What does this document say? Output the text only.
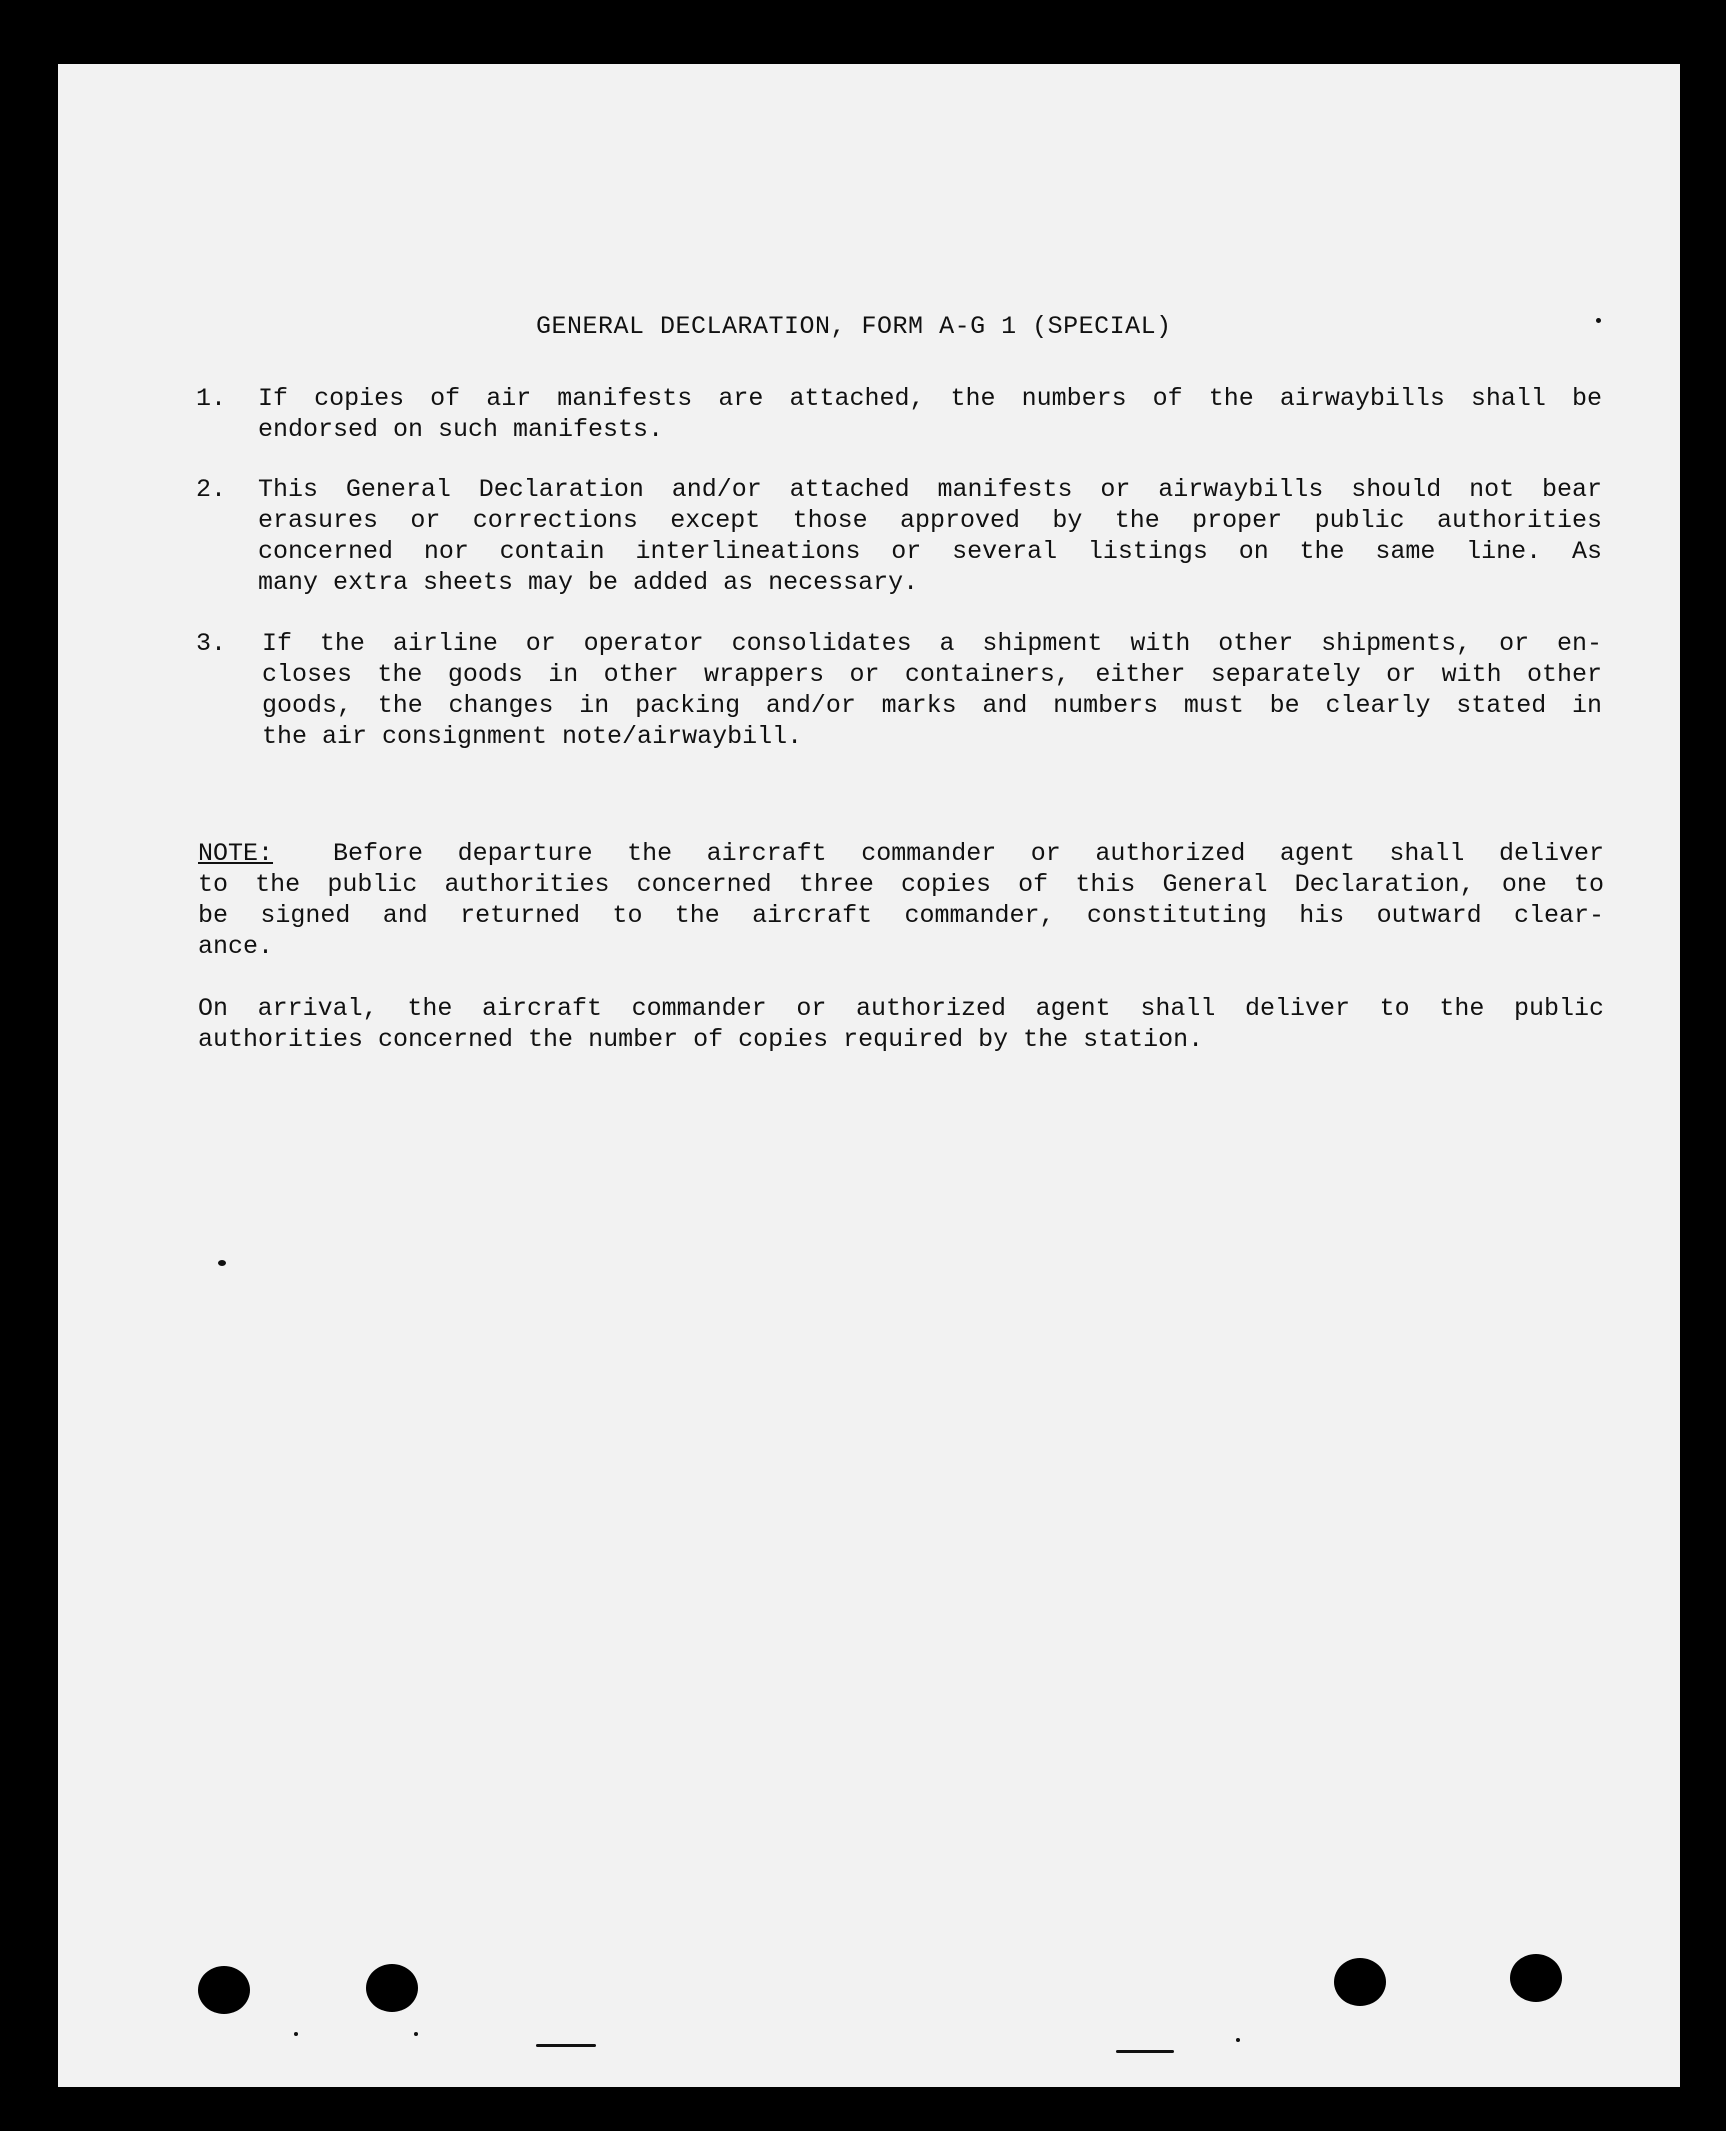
GENERAL DECLARATION, FORM A-G 1 (SPECIAL)
1. If copies of air manifests are attached, the numbers of the airwaybills shall be

endorsed on such manifests.

2. This General Declaration and/or attached manifests or airwaybills should not bear

erasures or corrections except those approved by the proper public authorities

concerned nor contain interlineations or several listings on the same line. As

many extra sheets may be added as necessary.

3. If the airline or operator consolidates a shipment with other shipments, or en-

closes the goods in other wrappers or containers, either separately or with other

goods, the changes in packing and/or marks and numbers must be clearly stated in

the air consignment note/airwaybill.

NOTE: Before departure the aircraft commander or authorized agent shall deliver

to the public authorities concerned three copies of this General Declaration, one to

be signed and returned to the aircraft commander, constituting his outward clear-

ance.

On arrival, the aircraft commander or authorized agent shall deliver to the public

authorities concerned the number of copies required by the station.
